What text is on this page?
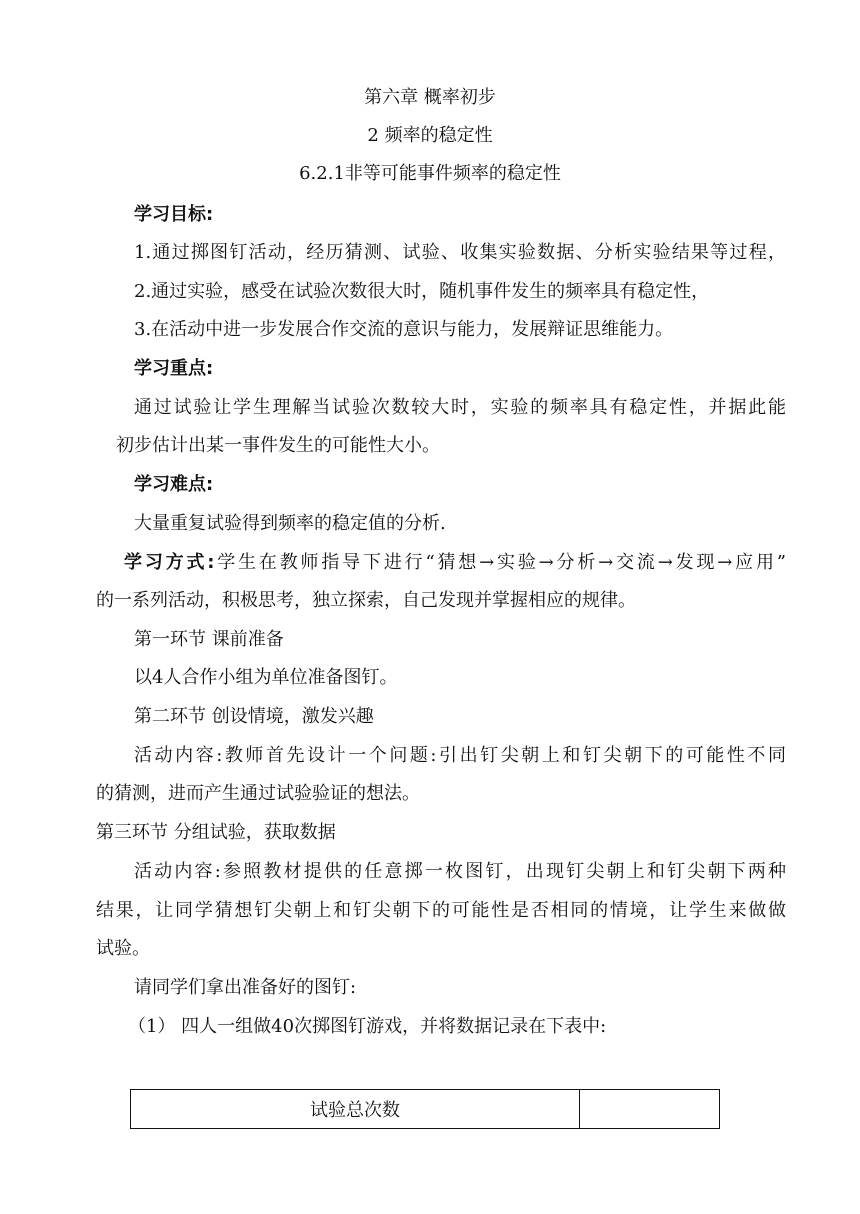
第六章 概率初步
2 频率的稳定性
6.2.1非等可能事件频率的稳定性
学习目标:
1.通过掷图钉活动，经历猜测、试验、收集实验数据、分析实验结果等过程，
2.通过实验，感受在试验次数很大时，随机事件发生的频率具有稳定性，
3.在活动中进一步发展合作交流的意识与能力，发展辩证思维能力。
学习重点:
通过试验让学生理解当试验次数较大时，实验的频率具有稳定性，并据此能
初步估计出某一事件发生的可能性大小。
学习难点:
大量重复试验得到频率的稳定值的分析.
学习方式:学生在教师指导下进行“猜想→实验→分析→交流→发现→应用”
的一系列活动，积极思考，独立探索，自己发现并掌握相应的规律。
第一环节 课前准备
以4人合作小组为单位准备图钉。
第二环节 创设情境，激发兴趣
活动内容:教师首先设计一个问题:引出钉尖朝上和钉尖朝下的可能性不同
的猜测，进而产生通过试验验证的想法。
第三环节 分组试验，获取数据
活动内容:参照教材提供的任意掷一枚图钉，出现钉尖朝上和钉尖朝下两种
结果，让同学猜想钉尖朝上和钉尖朝下的可能性是否相同的情境，让学生来做做
试验。
请同学们拿出准备好的图钉:
（1） 四人一组做40次掷图钉游戏，并将数据记录在下表中:
试验总次数	
